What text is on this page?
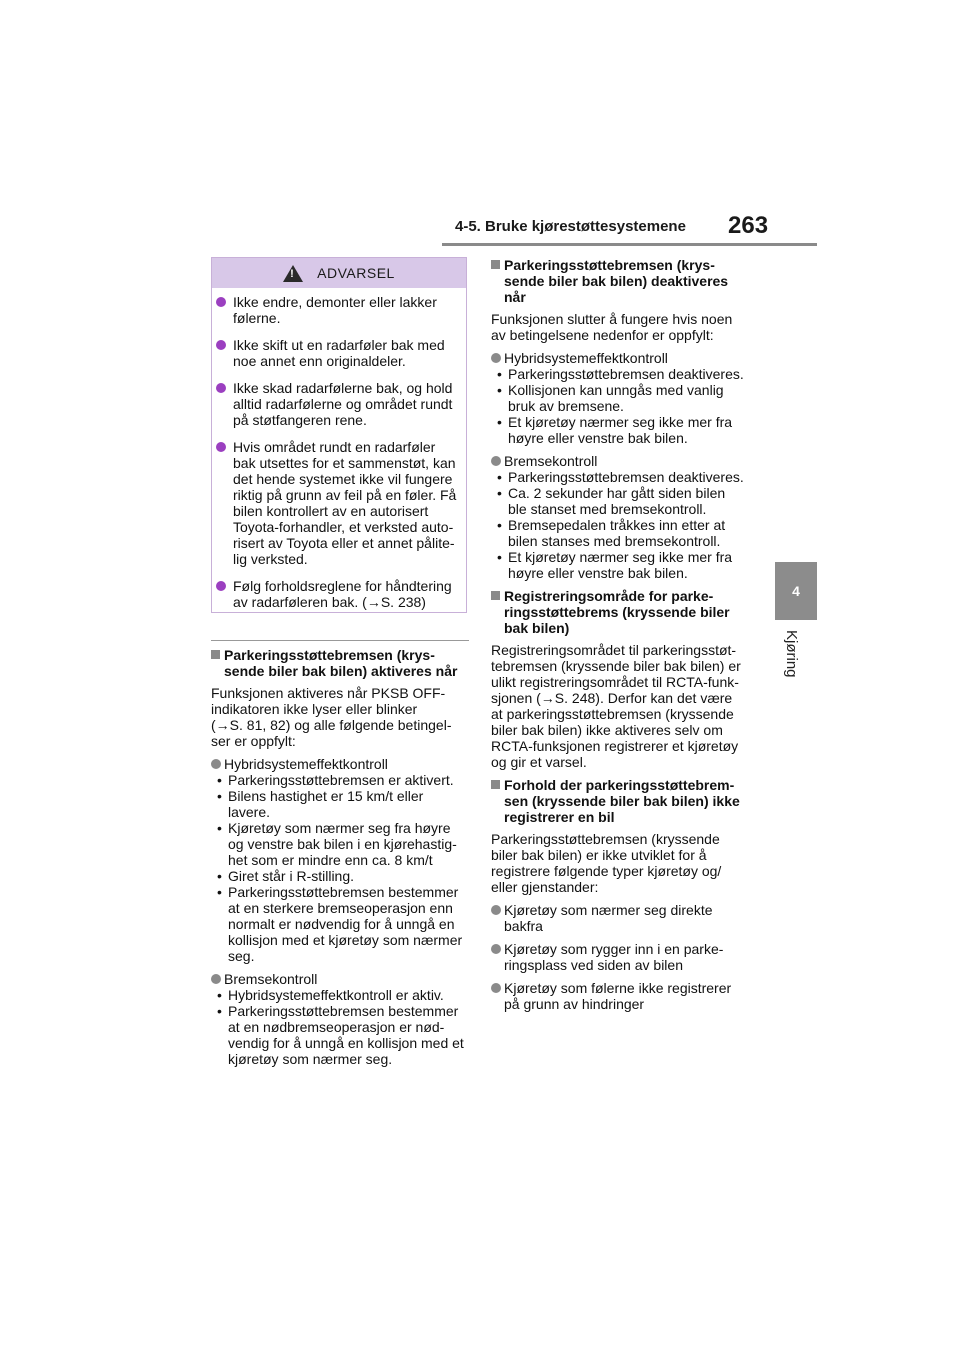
4-5. Bruke kjørestøttesystemene 263
4
Kjøring
!
ADVARSEL
Ikke endre, demonter eller lakker
følerne.
Ikke skift ut en radarføler bak med
noe annet enn originaldeler.
Ikke skad radarfølerne bak, og hold
alltid radarfølerne og området rundt
på støtfangeren rene.
Hvis området rundt en radarføler
bak utsettes for et sammenstøt, kan
det hende systemet ikke vil fungere
riktig på grunn av feil på en føler. Få
bilen kontrollert av en autorisert
Toyota-forhandler, et verksted auto-
risert av Toyota eller et annet pålite-
lig verksted.
Følg forholdsreglene for håndtering
av radarføleren bak. (→S. 238)
Parkeringsstøttebremsen (krys-
sende biler bak bilen) aktiveres når
Funksjonen aktiveres når PKSB OFF-
indikatoren ikke lyser eller blinker
(→S. 81, 82) og alle følgende betingel-
ser er oppfylt:
Hybridsystemeffektkontroll
• Parkeringsstøttebremsen er aktivert.
• Bilens hastighet er 15 km/t eller
lavere.
• Kjøretøy som nærmer seg fra høyre
og venstre bak bilen i en kjørehastig-
het som er mindre enn ca. 8 km/t
• Giret står i R-stilling.
• Parkeringsstøttebremsen bestemmer
at en sterkere bremseoperasjon enn
normalt er nødvendig for å unngå en
kollisjon med et kjøretøy som nærmer
seg.
Bremsekontroll
• Hybridsystemeffektkontroll er aktiv.
• Parkeringsstøttebremsen bestemmer
at en nødbremseoperasjon er nød-
vendig for å unngå en kollisjon med et
kjøretøy som nærmer seg.
Parkeringsstøttebremsen (krys-
sende biler bak bilen) deaktiveres
når
Funksjonen slutter å fungere hvis noen
av betingelsene nedenfor er oppfylt:
Hybridsystemeffektkontroll
• Parkeringsstøttebremsen deaktiveres.
• Kollisjonen kan unngås med vanlig
bruk av bremsene.
• Et kjøretøy nærmer seg ikke mer fra
høyre eller venstre bak bilen.
Bremsekontroll
• Parkeringsstøttebremsen deaktiveres.
• Ca. 2 sekunder har gått siden bilen
ble stanset med bremsekontroll.
• Bremsepedalen tråkkes inn etter at
bilen stanses med bremsekontroll.
• Et kjøretøy nærmer seg ikke mer fra
høyre eller venstre bak bilen.
Registreringsområde for parke-
ringsstøttebrems (kryssende biler
bak bilen)
Registreringsområdet til parkeringsstøt-
tebremsen (kryssende biler bak bilen) er
ulikt registreringsområdet til RCTA-funk-
sjonen (→S. 248). Derfor kan det være
at parkeringsstøttebremsen (kryssende
biler bak bilen) ikke aktiveres selv om
RCTA-funksjonen registrerer et kjøretøy
og gir et varsel.
Forhold der parkeringsstøttebrem-
sen (kryssende biler bak bilen) ikke
registrerer en bil
Parkeringsstøttebremsen (kryssende
biler bak bilen) er ikke utviklet for å
registrere følgende typer kjøretøy og/
eller gjenstander:
Kjøretøy som nærmer seg direkte
bakfra
Kjøretøy som rygger inn i en parke-
ringsplass ved siden av bilen
Kjøretøy som følerne ikke registrerer
på grunn av hindringer
